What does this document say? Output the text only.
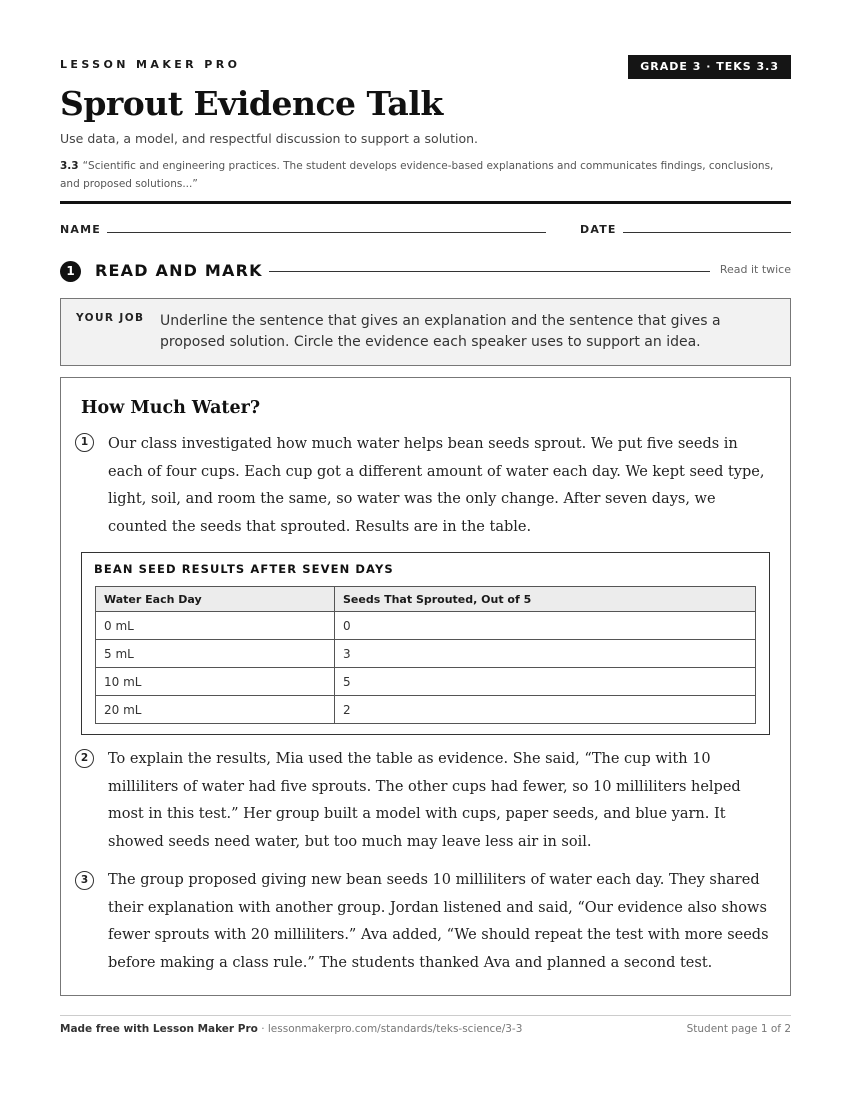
LESSON MAKER PRO	GRADE 3 · TEKS 3.3
Sprout Evidence Talk
Use data, a model, and respectful discussion to support a solution.
3.3 “Scientific and engineering practices. The student develops evidence-based explanations and communicates findings, conclusions, and proposed solutions...”
NAME	DATE
1	READ AND MARK	Read it twice
YOUR JOB Underline the sentence that gives an explanation and the sentence that gives a proposed solution. Circle the evidence each speaker uses to support an idea.
How Much Water?
1	Our class investigated how much water helps bean seeds sprout. We put five seeds in each of four cups. Each cup got a different amount of water each day. We kept seed type, light, soil, and room the same, so water was the only change. After seven days, we counted the seeds that sprouted. Results are in the table.

BEAN SEED RESULTS AFTER SEVEN DAYS
Water Each Day	Seeds That Sprouted, Out of 5
0 mL	0
5 mL	3
10 mL	5
20 mL	2
2	To explain the results, Mia used the table as evidence. She said, “The cup with 10 milliliters of water had five sprouts. The other cups had fewer, so 10 milliliters helped most in this test.” Her group built a model with cups, paper seeds, and blue yarn. It showed seeds need water, but too much may leave less air in soil.

3	The group proposed giving new bean seeds 10 milliliters of water each day. They shared their explanation with another group. Jordan listened and said, “Our evidence also shows fewer sprouts with 20 milliliters.” Ava added, “We should repeat the test with more seeds before making a class rule.” The students thanked Ava and planned a second test.

Made free with Lesson Maker Pro · lessonmakerpro.com/standards/teks-science/3-3	Student page 1 of 2
